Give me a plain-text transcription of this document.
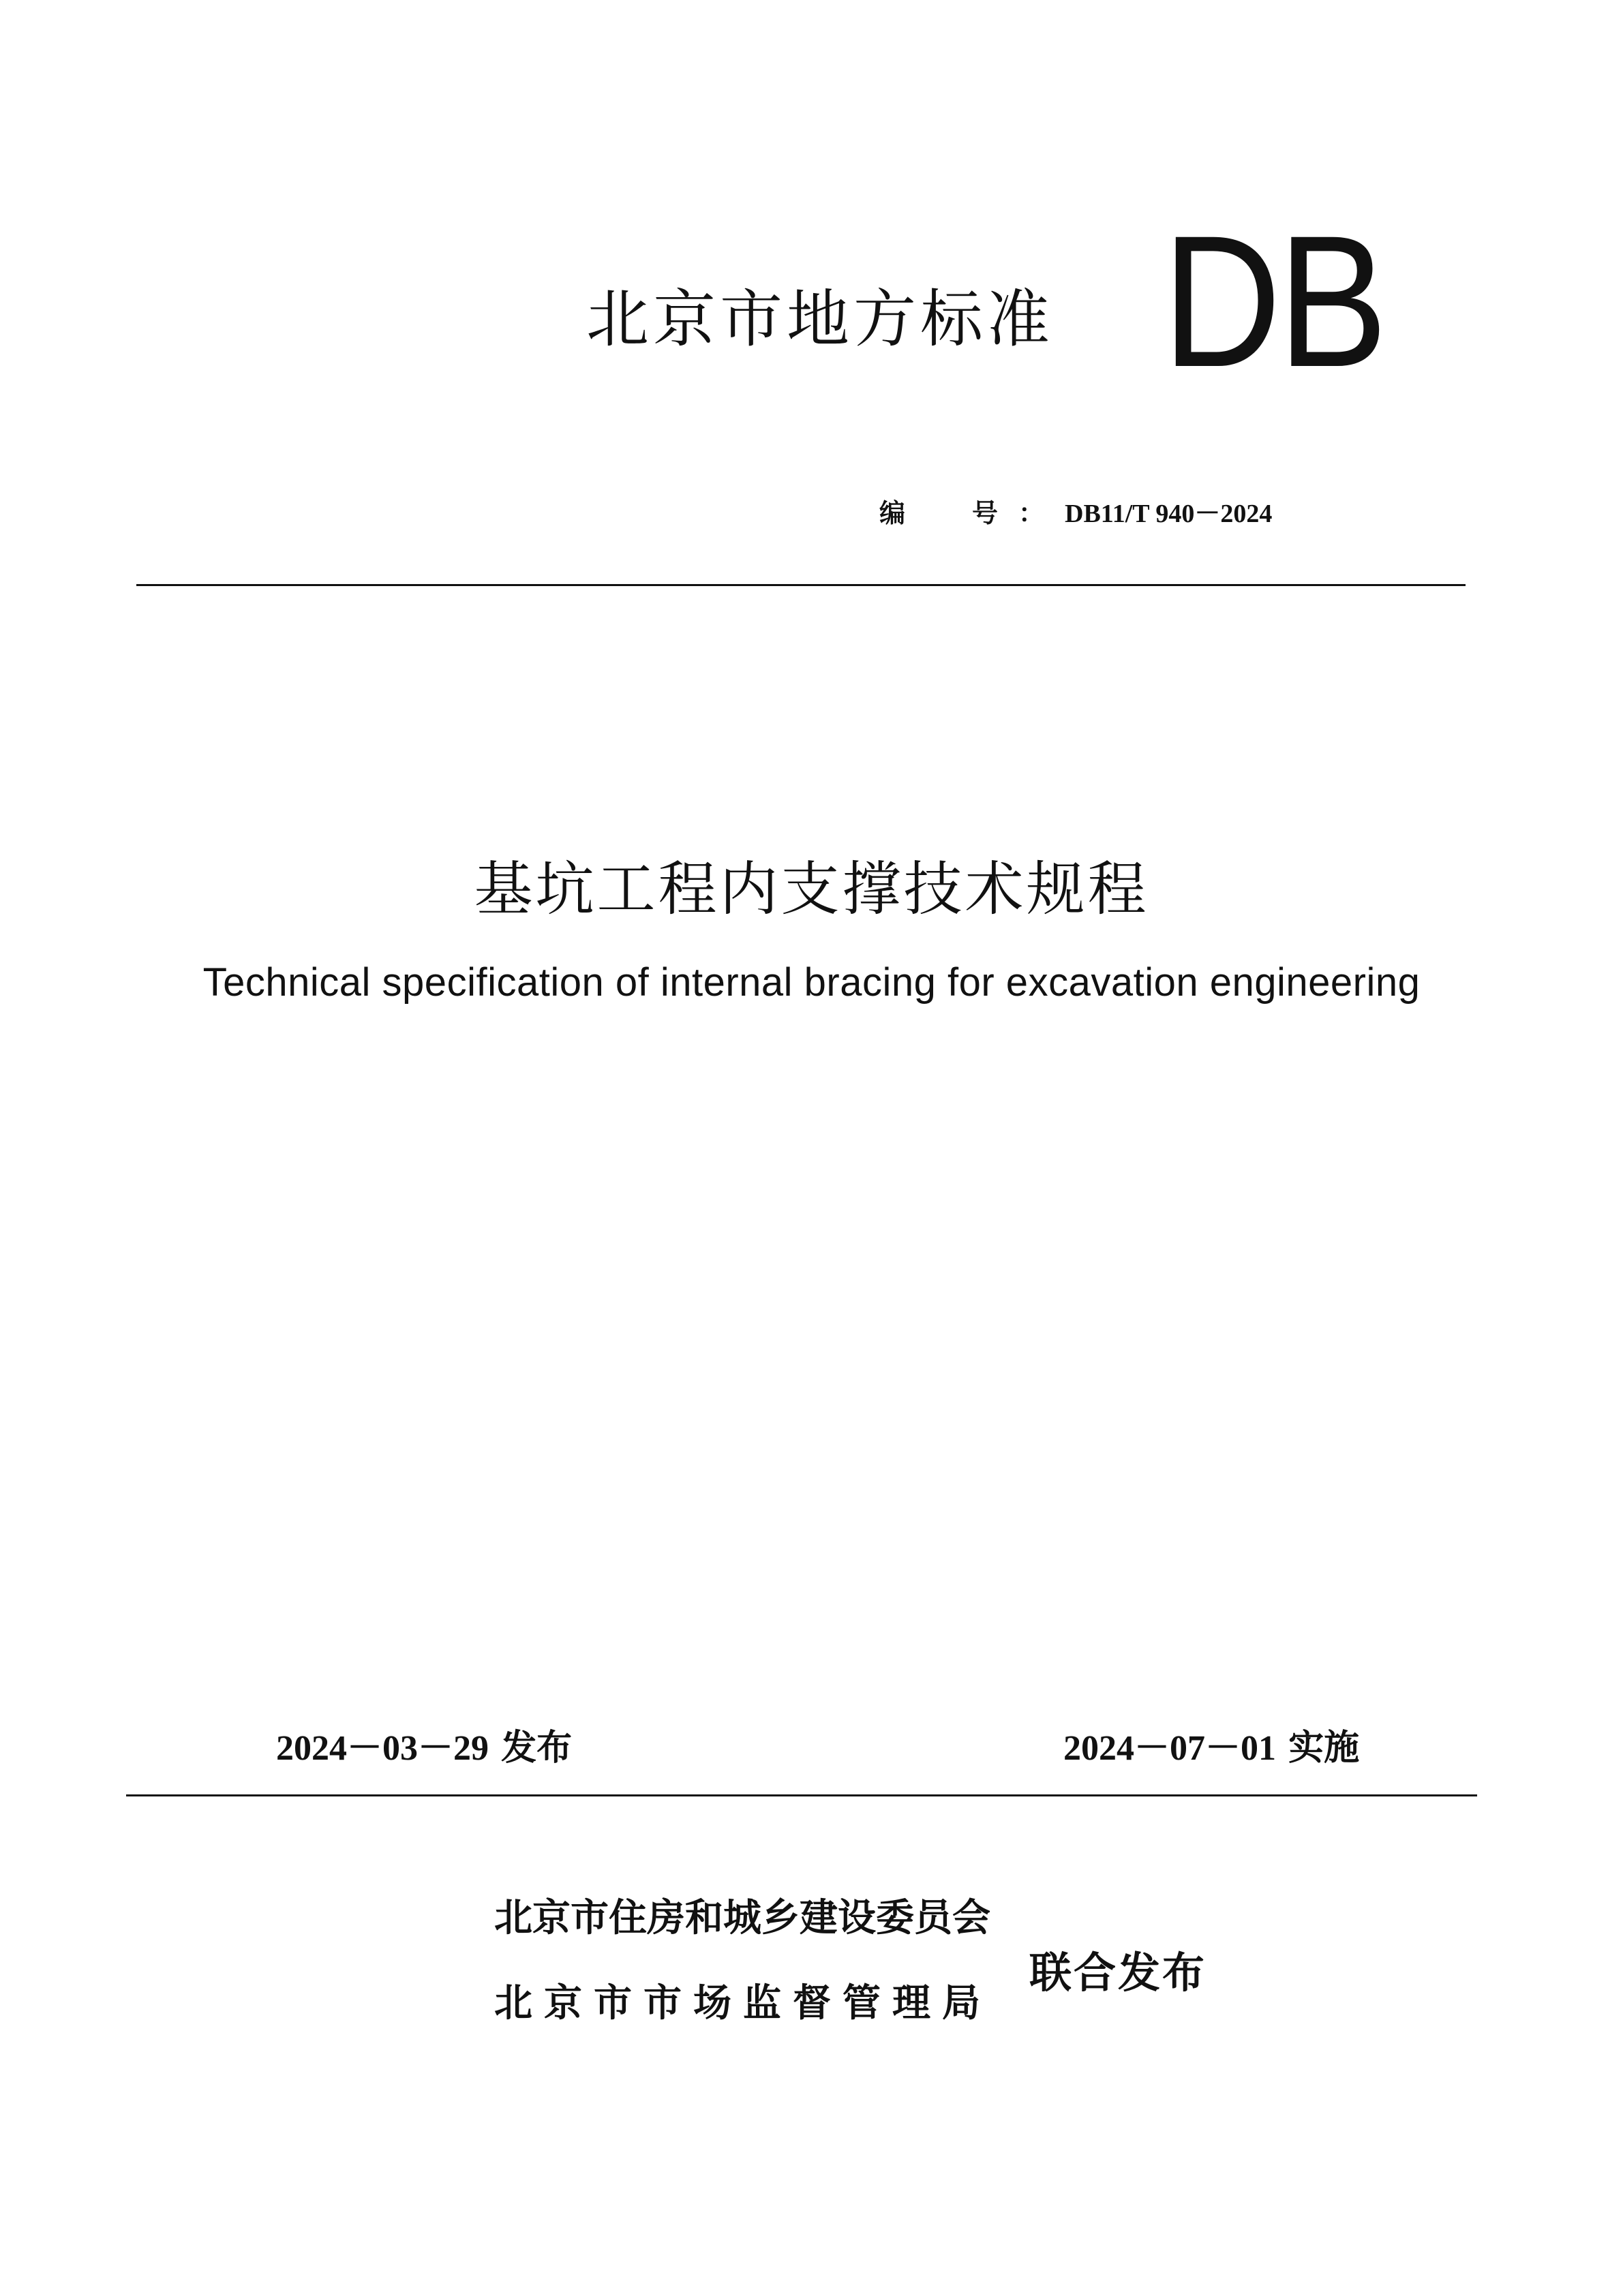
北京市地方标准 DB
编　号：DB11/T 940－2024
基坑工程内支撑技术规程
Technical specification of internal bracing for excavation engineering
2024－03－29 发布	2024－07－01 实施
北京市住房和城乡建设委员会
北京市市场监督管理局
联合发布
